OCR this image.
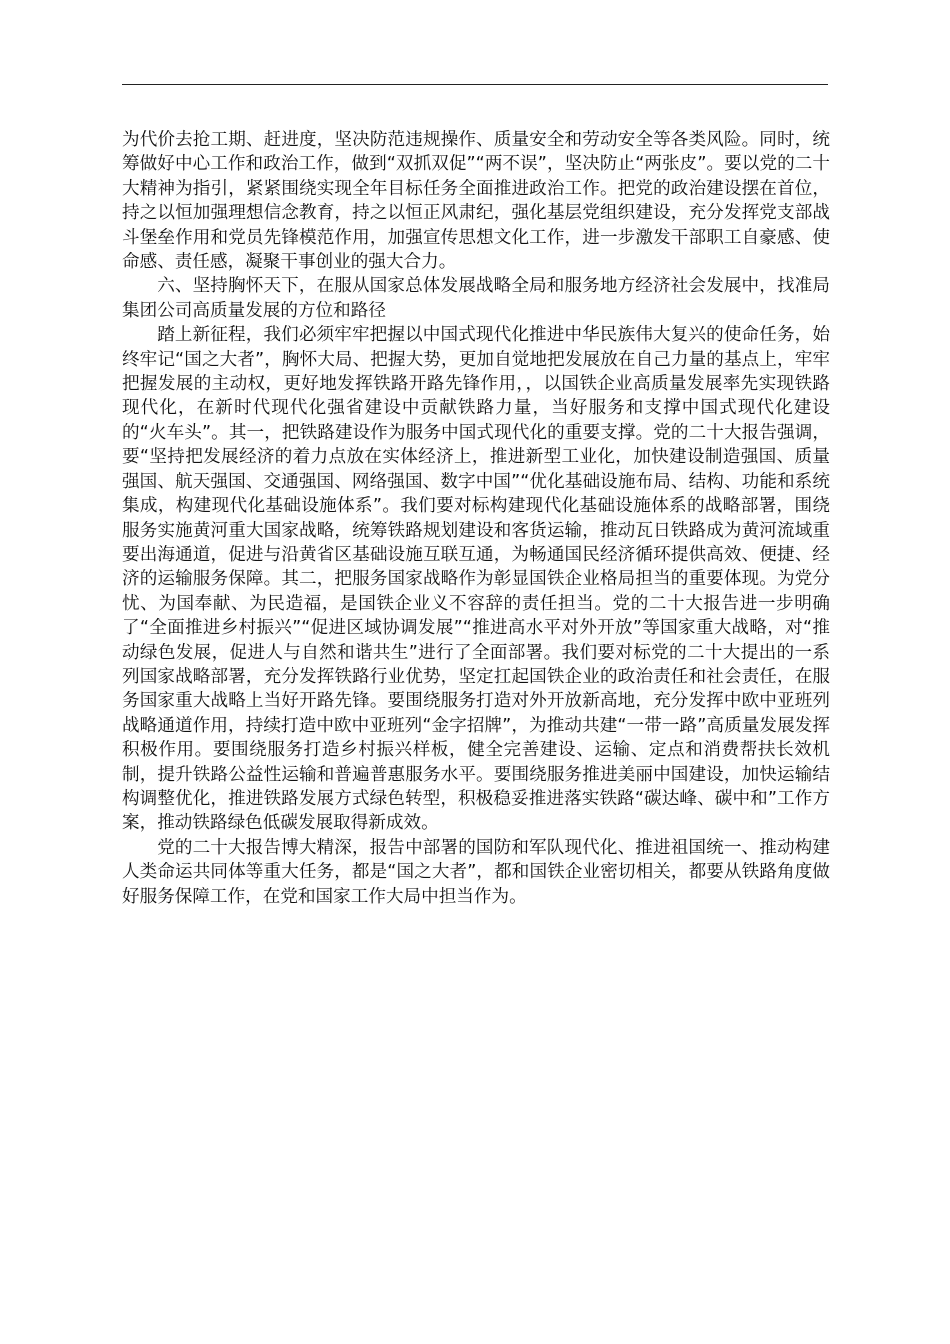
为代价去抢工期、赶进度，坚决防范违规操作、质量安全和劳动安全等各类风险。同时，统筹做好中心工作和政治工作，做到“双抓双促”“两不误”，坚决防止“两张皮”。要以党的二十大精神为指引，紧紧围绕实现全年目标任务全面推进政治工作。把党的政治建设摆在首位，持之以恒加强理想信念教育，持之以恒正风肃纪，强化基层党组织建设，充分发挥党支部战斗堡垒作用和党员先锋模范作用，加强宣传思想文化工作，进一步激发干部职工自豪感、使命感、责任感，凝聚干事创业的强大合力。

六、坚持胸怀天下，在服从国家总体发展战略全局和服务地方经济社会发展中，找准局集团公司高质量发展的方位和路径

踏上新征程，我们必须牢牢把握以中国式现代化推进中华民族伟大复兴的使命任务，始终牢记“国之大者”，胸怀大局、把握大势，更加自觉地把发展放在自己力量的基点上，牢牢把握发展的主动权，更好地发挥铁路开路先锋作用，，以国铁企业高质量发展率先实现铁路现代化，在新时代现代化强省建设中贡献铁路力量，当好服务和支撑中国式现代化建设的“火车头”。其一，把铁路建设作为服务中国式现代化的重要支撑。党的二十大报告强调，要“坚持把发展经济的着力点放在实体经济上，推进新型工业化，加快建设制造强国、质量强国、航天强国、交通强国、网络强国、数字中国”“优化基础设施布局、结构、功能和系统集成，构建现代化基础设施体系”。我们要对标构建现代化基础设施体系的战略部署，围绕服务实施黄河重大国家战略，统筹铁路规划建设和客货运输，推动瓦日铁路成为黄河流域重要出海通道，促进与沿黄省区基础设施互联互通，为畅通国民经济循环提供高效、便捷、经济的运输服务保障。其二，把服务国家战略作为彰显国铁企业格局担当的重要体现。为党分忧、为国奉献、为民造福，是国铁企业义不容辞的责任担当。党的二十大报告进一步明确了“全面推进乡村振兴”“促进区域协调发展”“推进高水平对外开放”等国家重大战略，对“推动绿色发展，促进人与自然和谐共生”进行了全面部署。我们要对标党的二十大提出的一系列国家战略部署，充分发挥铁路行业优势，坚定扛起国铁企业的政治责任和社会责任，在服务国家重大战略上当好开路先锋。要围绕服务打造对外开放新高地，充分发挥中欧中亚班列战略通道作用，持续打造中欧中亚班列“金字招牌”，为推动共建“一带一路”高质量发展发挥积极作用。要围绕服务打造乡村振兴样板，健全完善建设、运输、定点和消费帮扶长效机制，提升铁路公益性运输和普遍普惠服务水平。要围绕服务推进美丽中国建设，加快运输结构调整优化，推进铁路发展方式绿色转型，积极稳妥推进落实铁路“碳达峰、碳中和”工作方案，推动铁路绿色低碳发展取得新成效。

党的二十大报告博大精深，报告中部署的国防和军队现代化、推进祖国统一、推动构建人类命运共同体等重大任务，都是“国之大者”，都和国铁企业密切相关，都要从铁路角度做好服务保障工作，在党和国家工作大局中担当作为。
